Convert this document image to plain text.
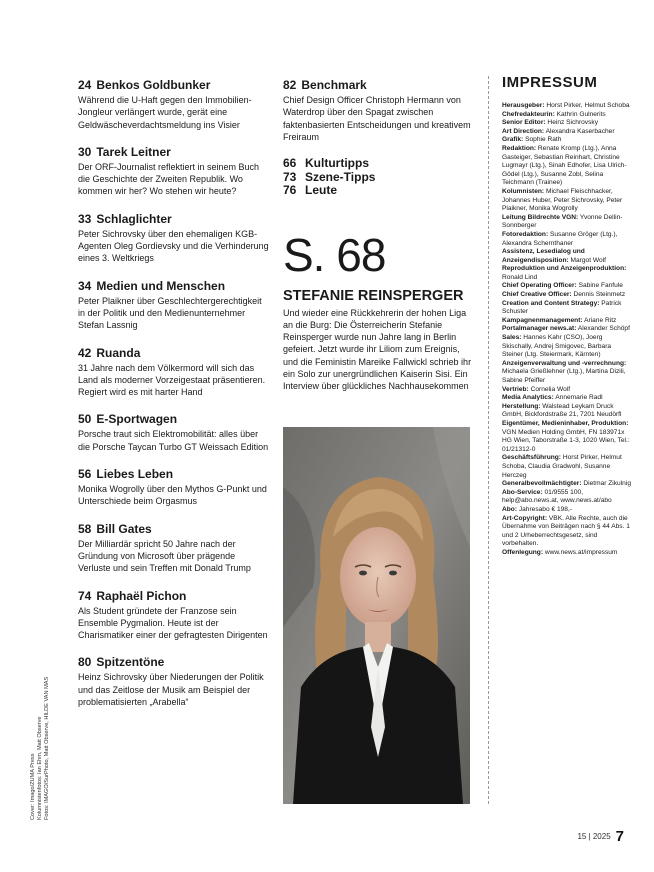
24 Benkos Goldbunker
Während die U-Haft gegen den Immobilien-Jongleur verlängert wurde, gerät eine Geldwäscheverdachtsmeldung ins Visier
30 Tarek Leitner
Der ORF-Journalist reflektiert in seinem Buch die Geschichte der Zweiten Republik. Wo kommen wir her? Wo stehen wir heute?
33 Schlaglichter
Peter Sichrovsky über den ehemaligen KGB-Agenten Oleg Gordievsky und die Verhinderung eines 3. Weltkriegs
34 Medien und Menschen
Peter Plaikner über Geschlechtergerechtigkeit in der Politik und den Medienunternehmer Stefan Lassnig
42 Ruanda
31 Jahre nach dem Völkermord will sich das Land als moderner Vorzeigestaat präsentieren. Regiert wird es mit harter Hand
50 E-Sportwagen
Porsche traut sich Elektromobilität: alles über die Porsche Taycan Turbo GT Weissach Edition
56 Liebes Leben
Monika Wogrolly über den Mythos G-Punkt und Unterschiede beim Orgasmus
58 Bill Gates
Der Milliardär spricht 50 Jahre nach der Gründung von Microsoft über prägende Verluste und sein Treffen mit Donald Trump
74 Raphaël Pichon
Als Student gründete der Franzose sein Ensemble Pygmalion. Heute ist der Charismatiker einer der gefragtesten Dirigenten
80 Spitzentöne
Heinz Sichrovsky über Niederungen der Politik und das Zeitlose der Musik am Beispiel der problematisierten „Arabella“
82 Benchmark
Chief Design Officer Christoph Hermann von Waterdrop über den Spagat zwischen faktenbasierten Entscheidungen und kreativem Freiraum
66 Kulturtipps
73 Szene-Tipps
76 Leute
S. 68
STEFANIE REINSPERGER
Und wieder eine Rückkehrerin der hohen Liga an die Burg: Die Österreicherin Stefanie Reinsperger wurde nun Jahre lang in Berlin gefeiert. Jetzt wurde ihr Liliom zum Ereignis, und die Feministin Mareike Fallwickl schrieb ihr ein Solo zur unergründlichen Kaiserin Sisi. Ein Interview über glückliches Nachhausekommen
IMPRESSUM
Herausgeber: Horst Pirker, Helmut Schoba
Chefredakteurin: Kathrin Gulnerits
Senior Editor: Heinz Sichrovsky
Art Direction: Alexandra Kaserbacher
Grafik: Sophie Rath
Redaktion: Renate Kromp (Ltg.), Anna Gasteiger, Sebastian Reinhart, Christine Lugmayr (Ltg.), Sinah Edhofer, Lisa Ulrich-Gödel (Ltg.), Susanne Zobl, Selina Teichmann (Trainee)
Kolumnisten: Michael Fleischhacker, Johannes Huber, Peter Sichrovsky, Peter Plaikner, Monika Wogrolly
Leitung Bildrechte VGN: Yvonne Dellin-Sonnberger
Fotoredaktion: Susanne Gröger (Ltg.), Alexandra Schernthaner
Assistenz, Lesedialog und Anzeigendisposition: Margot Wolf
Reproduktion und Anzeigenproduktion: Ronald Lind
Chief Operating Officer: Sabine Fanfule
Chief Creative Officer: Dennis Steinmetz
Creation and Content Strategy: Patrick Schuster
Kampagnenmanagement: Ariane Ritz
Portalmanager news.at: Alexander Schöpf
Sales: Hannes Kahr (CSO), Joerg Skischally, Andrej Smigovec, Barbara Steiner (Ltg. Steiermark, Kärnten)
Anzeigenverwaltung und -verrechnung: Michaela Grießlehner (Ltg.), Martina Dizili, Sabine Pfeiffer
Vertrieb: Cornelia Wolf
Media Analytics: Annemarie Radl
Herstellung: Walstead Leykam Druck GmbH, Bickfordstraße 21, 7201 Neudörfl
Eigentümer, Medieninhaber, Produktion: VGN Medien Holding GmbH, FN 183971x HG Wien, Taborstraße 1-3, 1020 Wien, Tel.: 01/21312-0
Geschäftsführung: Horst Pirker, Helmut Schoba, Claudia Gradwohl, Susanne Herczeg
Generalbevollmächtigter: Dietmar Zikulnig
Abo-Service: 01/9555 100, help@abo.news.at, www.news.at/abo
Abo: Jahresabo € 198,-
Art-Copyright: VBK. Alle Rechte, auch die Übernahme von Beiträgen nach § 44 Abs. 1 und 2 Urheberrechtsgesetz, sind vorbehalten.
Offenlegung: www.news.at/impressum
Cover: Imago/ZUMA Press Kolumnistenfotos: Ian Ehm, Matt Observe Fotos: IMAGO/SurPhoto, Matt Observe, HILDE VAN MAS
15 | 2025 7
